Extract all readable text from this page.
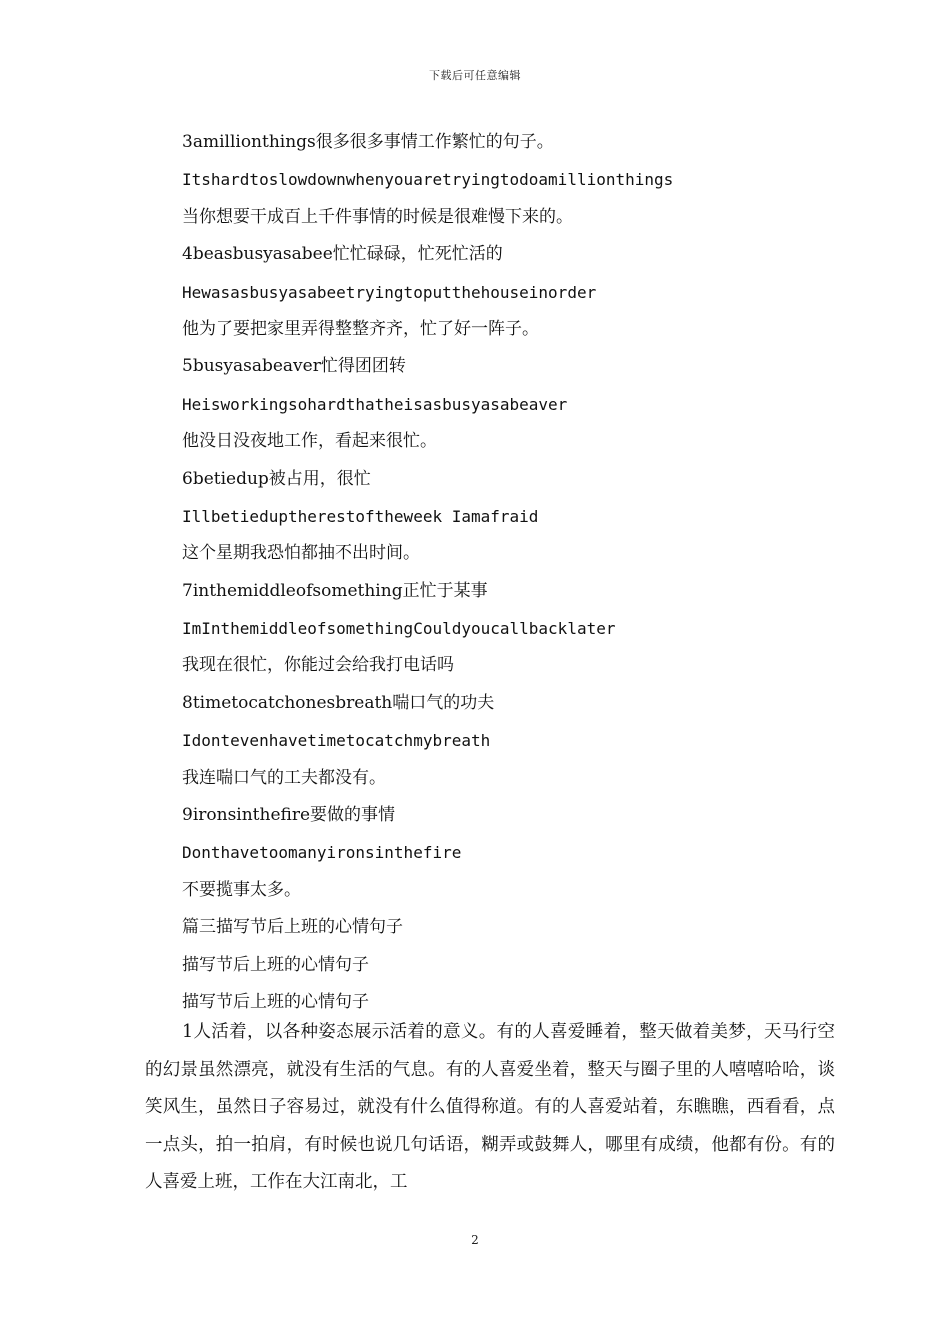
下载后可任意编辑
3amillionthings很多很多事情工作繁忙的句子。
Itshardtoslowdownwhenyouaretryingtodoamillionthings
当你想要干成百上千件事情的时候是很难慢下来的。
4beasbusyasabee忙忙碌碌，忙死忙活的
Hewasasbusyasabeetryingtoputthehouseinorder
他为了要把家里弄得整整齐齐，忙了好一阵子。
5busyasabeaver忙得团团转
Heisworkingsohardthatheisasbusyasabeaver
他没日没夜地工作，看起来很忙。
6betiedup被占用，很忙
Illbetieduptherestoftheweek Iamafraid
这个星期我恐怕都抽不出时间。
7inthemiddleofsomething正忙于某事
ImInthemiddleofsomethingCouldyoucallbacklater
我现在很忙，你能过会给我打电话吗
8timetocatchonesbreath喘口气的功夫
Idontevenhavetimetocatchmybreath
我连喘口气的工夫都没有。
9ironsinthefire要做的事情
Donthavetoomanyironsinthefire
不要揽事太多。
篇三描写节后上班的心情句子
描写节后上班的心情句子
描写节后上班的心情句子

1人活着，以各种姿态展示活着的意义。有的人喜爱睡着，整天做着美梦，天马行空的幻景虽然漂亮，就没有生活的气息。有的人喜爱坐着，整天与圈子里的人嘻嘻哈哈，谈笑风生，虽然日子容易过，就没有什么值得称道。有的人喜爱站着，东瞧瞧，西看看，点一点头，拍一拍肩，有时候也说几句话语，糊弄或鼓舞人，哪里有成绩，他都有份。有的人喜爱上班，工作在大江南北，工

2
